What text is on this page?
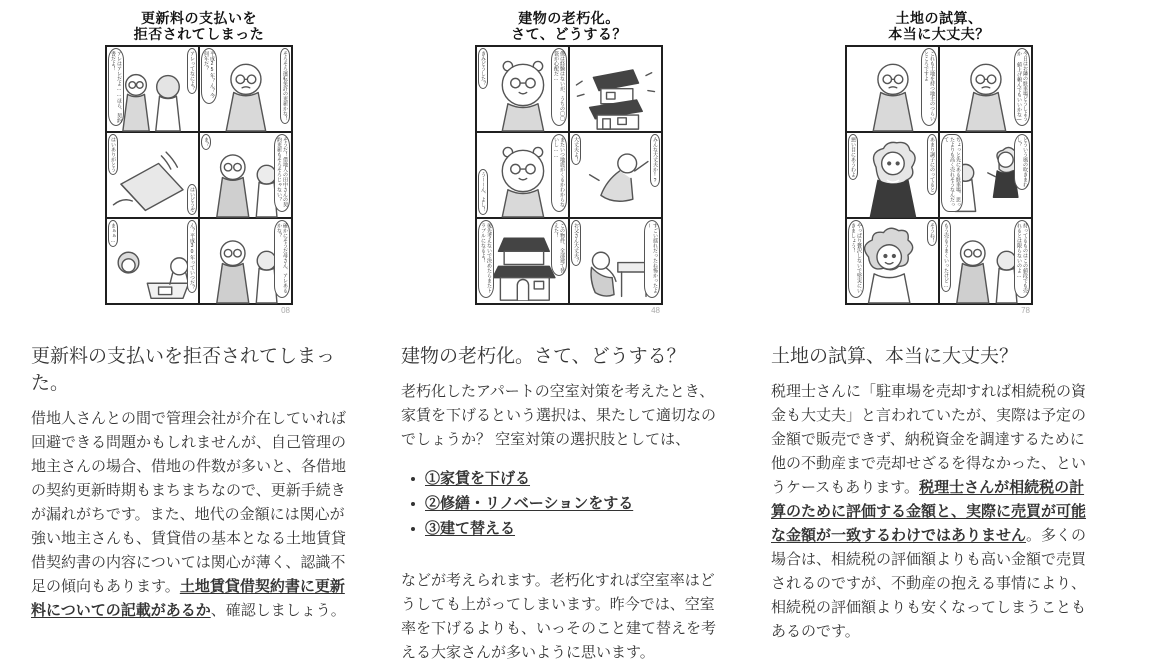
更新料の支払いを
拒否されてしまった
アレってなによ？
アレはアレだよ……ほら、契約書だよ！	そろそろ運転免許の更新かな！
平成25年？ん？今何年だ？
はいありがとう
はいどうぞ	そうだ！借地人の田中さんの契約更新もそろそろじゃない？
ま？
ん？平成30年っていつだ？
まぁぁ…	確かにそうだ母さん、アレあるかな？
08
更新料の支払いを拒否されてしまった。

借地人さんとの間で管理会社が介在していれば回避できる問題かもしれませんが、自己管理の地主さんの場合、借地の件数が多いと、各借地の契約更新時期もまちまちなので、更新手続きが漏れがちです。また、地代の金額には関心が強い地主さんも、賃貸借の基本となる土地賃貸借契約書の内容については関心が薄く、認識不足の傾向もあります。土地賃貸借契約書に更新料についての記載があるか、確認しましょう。

建物の老朽化。
さて、どうする？
僕は経験はないが、うちの◯◯袋が心配だ…
きみどうした？
またいつ地震がくるかわからないし……
うーーん、よし！
みんな大丈夫か!?
大丈夫よ！
この物件、全部建て替えた！
後先考えないで決めたらまたトラブルになるよ！	すごい揺れだったね怖かったよー
お父さん大丈夫？
48
建物の老朽化。さて、どうする？

老朽化したアパートの空室対策を考えたとき、家賃を下げるという選択は、果たして適切なのでしょうか？ 空室対策の選択肢としては、

①家賃を下げる
②修繕・リノベーションをする
③建て替える

などが考えられます。老朽化すれば空室率はどうしても上がってしまいます。昨今では、空室率を下げるよりも、いっそのこと建て替えを考える大家さんが多いように思います。

土地の試算、
本当に大丈夫？
これも土地を持つ地主のつらいところですよ	今日はお隣の駐車場どうしようか 値上げ頼んでもいいかな—
あまり調子にのってると
悪い目にあうわよ	どういう風の吹きまわし？
ちょっと先にある駐車場、思ったよりも高く売れそうなんだって
そうね！
やっぱり贅沢しないで堅実にいきましょう！	持ってるものはこの値段でも売れるとは限らないのよ…
もう売るうまくいったけど…
78
土地の試算、本当に大丈夫？

税理士さんに「駐車場を売却すれば相続税の資金も大丈夫」と言われていたが、実際は予定の金額で販売できず、納税資金を調達するために他の不動産まで売却せざるを得なかった、というケースもあります。税理士さんが相続税の計算のために評価する金額と、実際に売買が可能な金額が一致するわけではありません。多くの場合は、相続税の評価額よりも高い金額で売買されるのですが、不動産の抱える事情により、相続税の評価額よりも安くなってしまうこともあるのです。
